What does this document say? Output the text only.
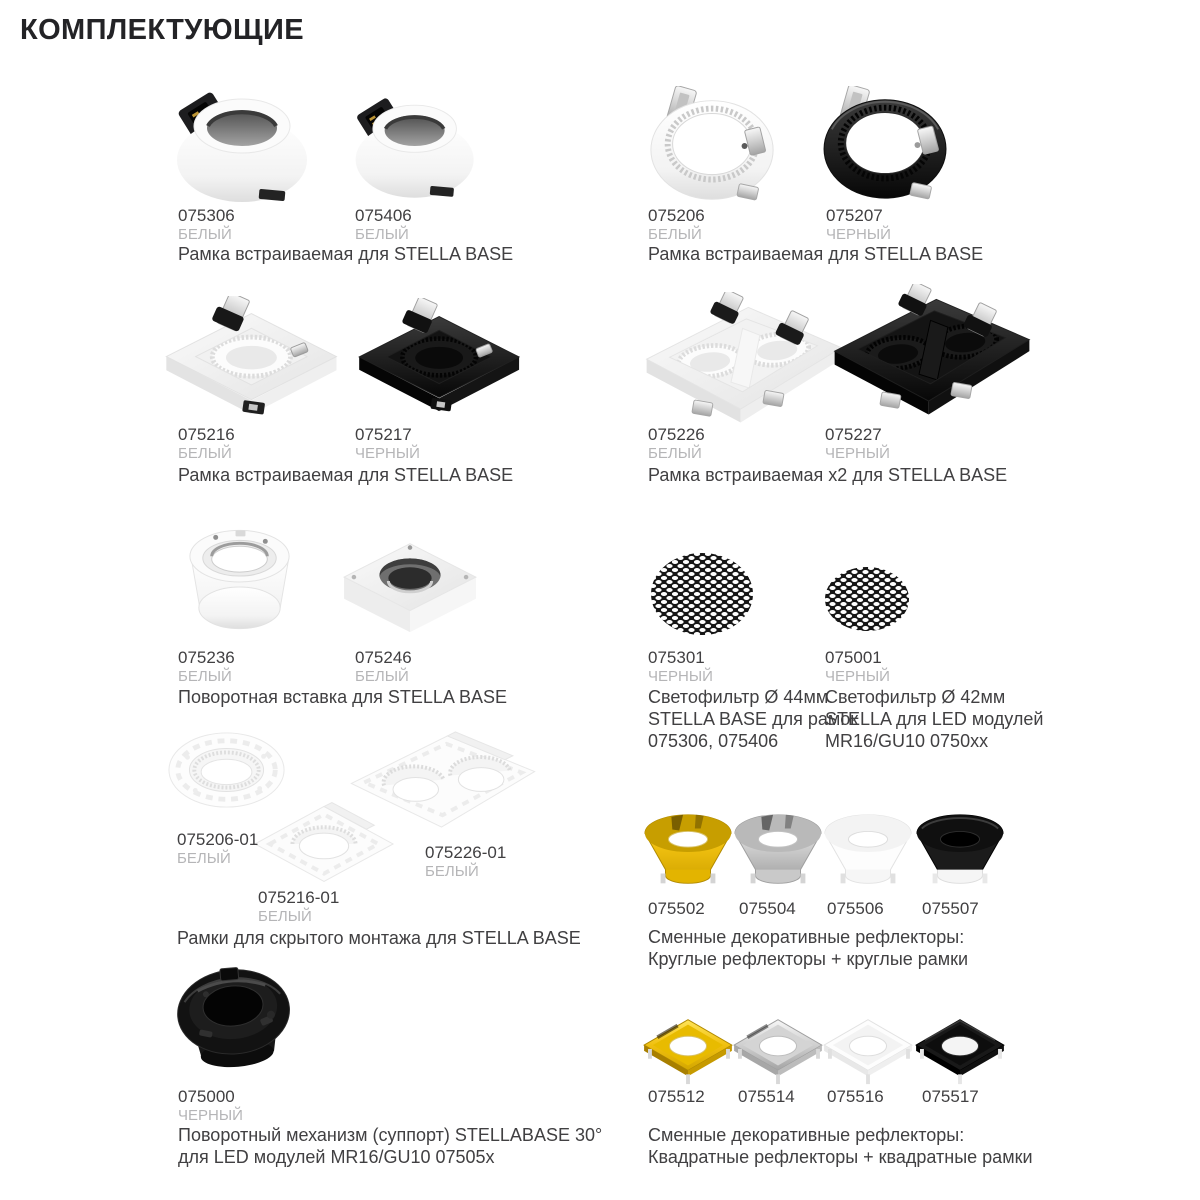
КОМПЛЕКТУЮЩИЕ
075306
БЕЛЫЙ
075406
БЕЛЫЙ
Рамка встраиваемая для STELLA BASE
075206
БЕЛЫЙ
075207
ЧЕРНЫЙ
Рамка встраиваемая для STELLA BASE
075216
БЕЛЫЙ
075217
ЧЕРНЫЙ
Рамка встраиваемая для STELLA BASE
075226
БЕЛЫЙ
075227
ЧЕРНЫЙ
Рамка встраиваемая x2 для STELLA BASE
075236
БЕЛЫЙ
075246
БЕЛЫЙ
Поворотная вставка для STELLA BASE
075301
ЧЕРНЫЙ
075001
ЧЕРНЫЙ
Светофильтр Ø 44мм
STELLA BASE для рамок
075306, 075406
Светофильтр Ø 42мм
STELLA для LED модулей
MR16/GU10 0750xx
075206-01
БЕЛЫЙ
075216-01
БЕЛЫЙ
075226-01
БЕЛЫЙ
Рамки для скрытого монтажа для STELLA BASE
075502 075504 075506 075507
Сменные декоративные рефлекторы:
Круглые рефлекторы + круглые рамки
075000
ЧЕРНЫЙ
Поворотный механизм (суппорт) STELLABASE 30°
для LED модулей MR16/GU10 07505x
075512 075514 075516 075517
Сменные декоративные рефлекторы:
Квадратные рефлекторы + квадратные рамки
